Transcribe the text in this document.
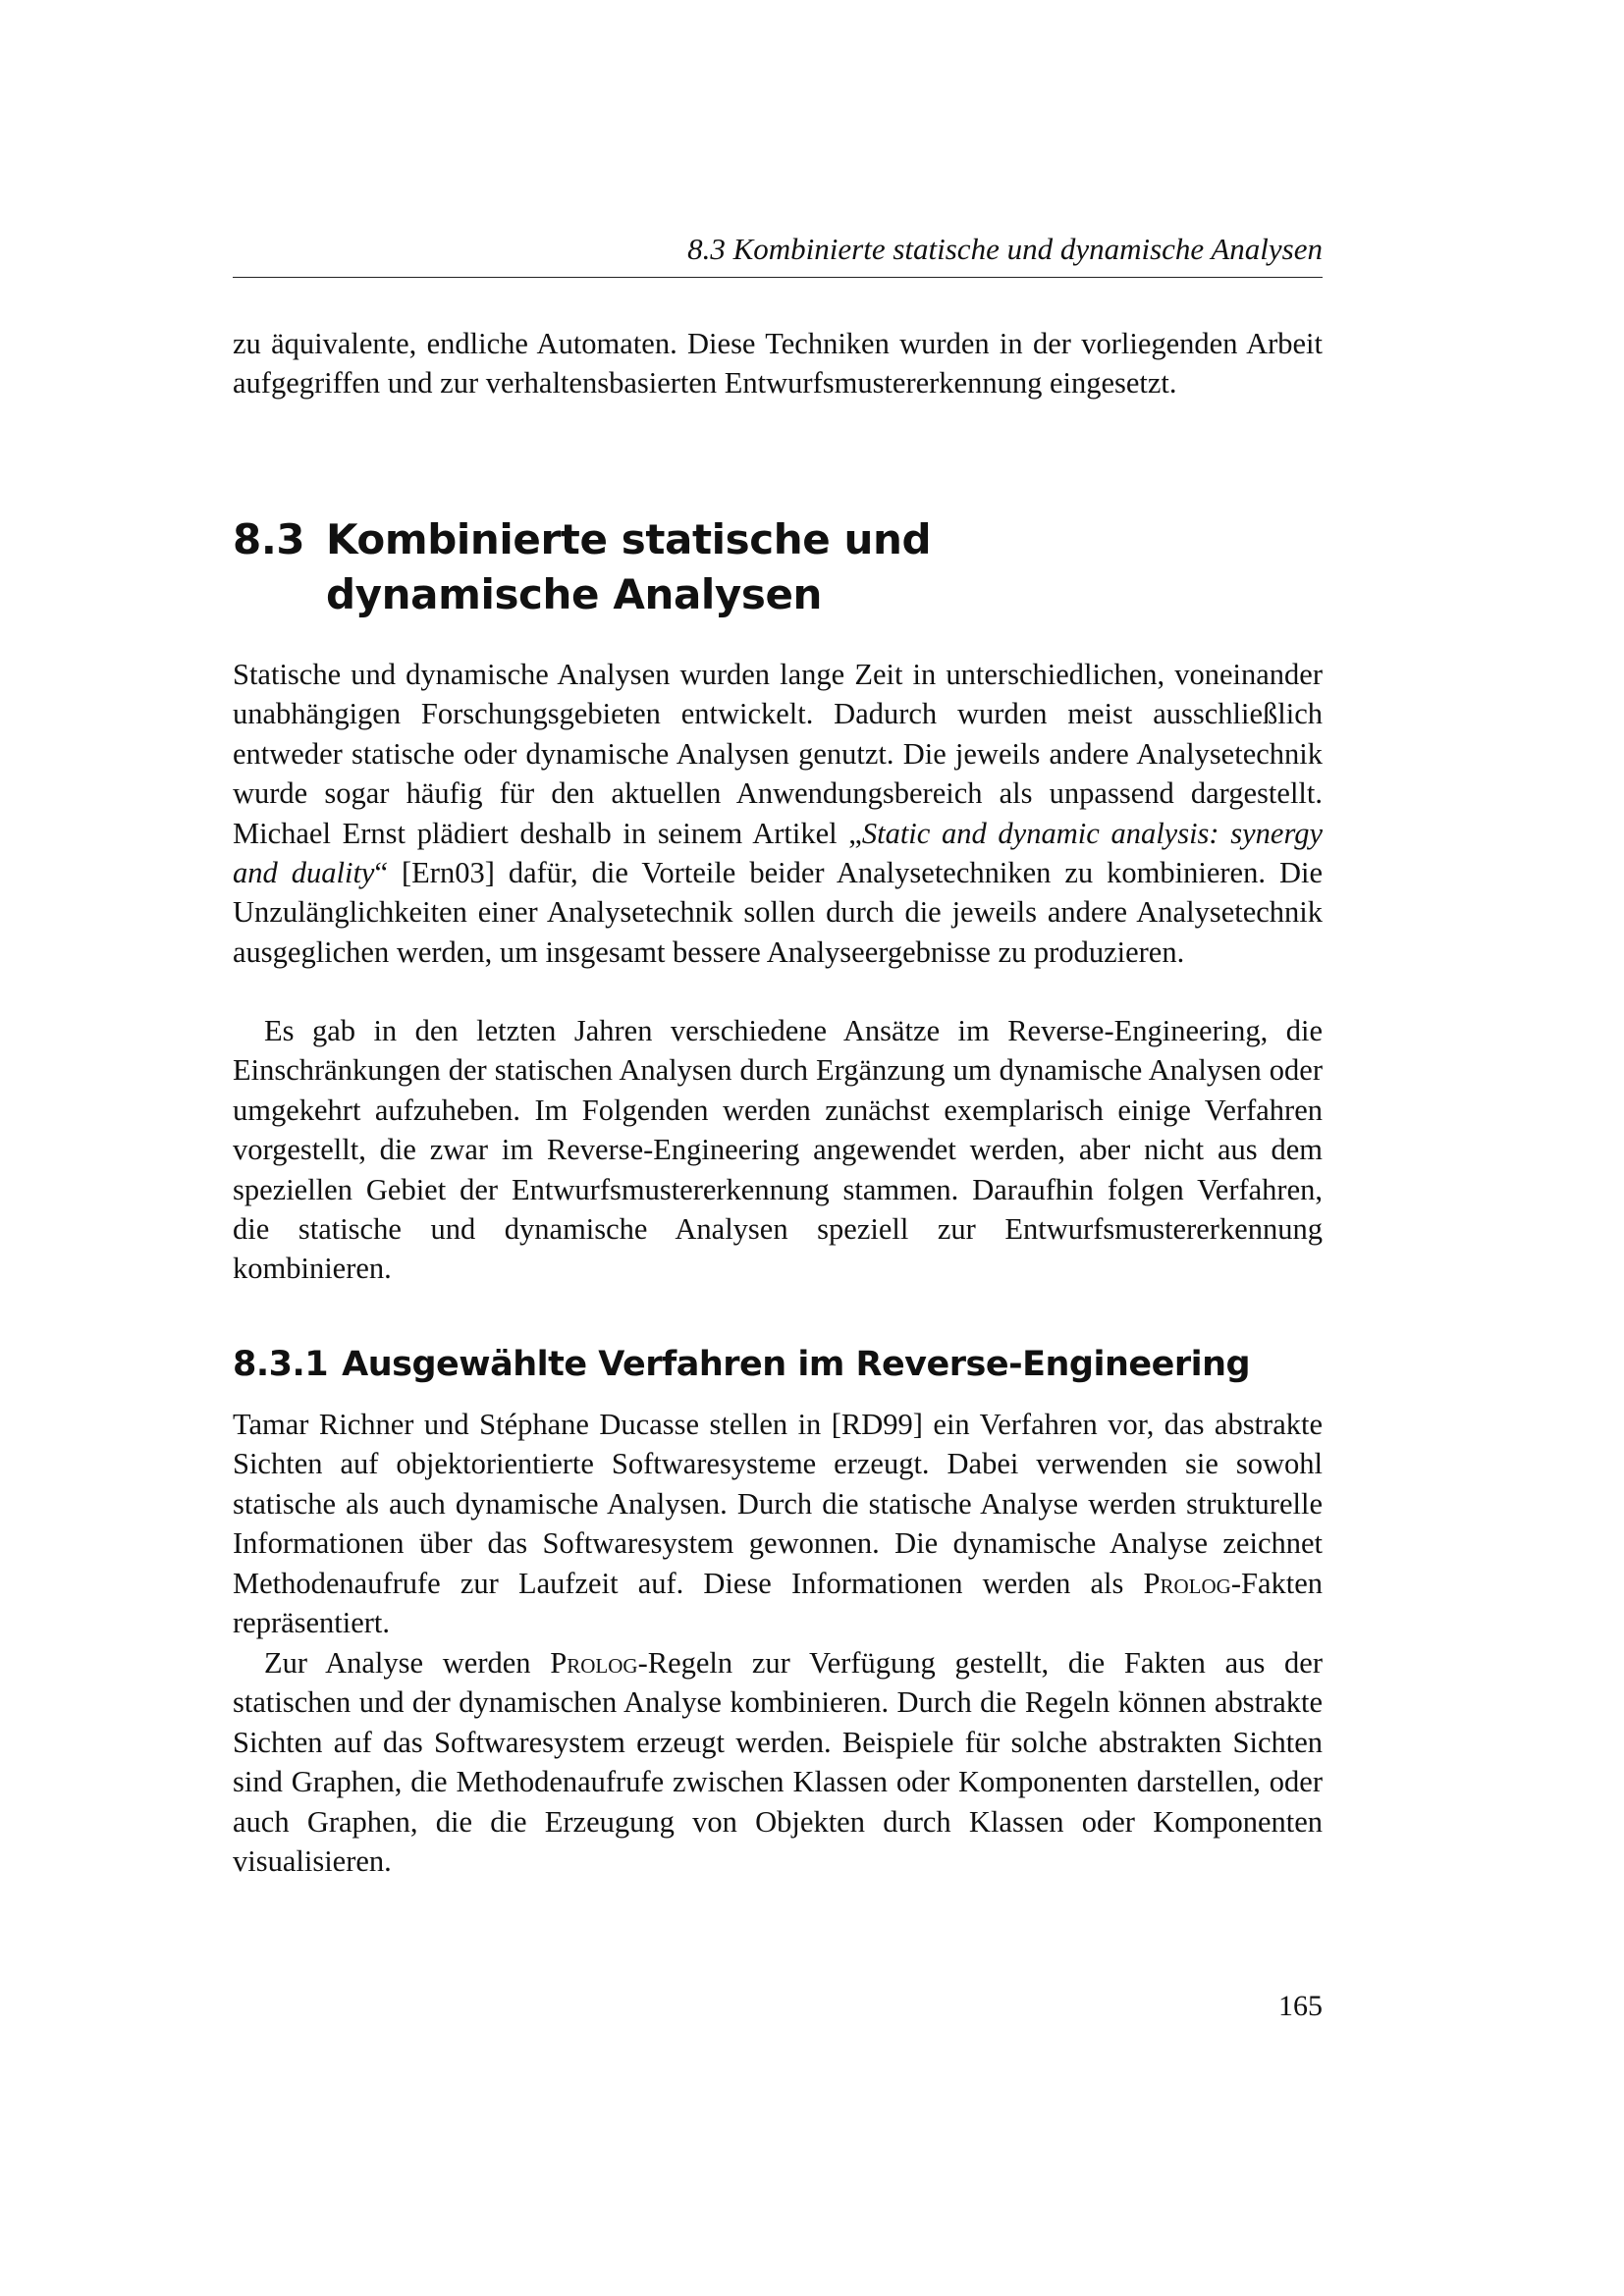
8.3 Kombinierte statische und dynamische Analysen

zu äquivalente, endliche Automaten. Diese Techniken wurden in der vorliegenden Arbeit aufgegriffen und zur verhaltensbasierten Entwurfsmustererkennung eingesetzt.

8.3 Kombinierte statische und dynamische Analysen

Statische und dynamische Analysen wurden lange Zeit in unterschiedlichen, voneinander unabhängigen Forschungsgebieten entwickelt. Dadurch wurden meist ausschließlich entweder statische oder dynamische Analysen genutzt. Die jeweils andere Analysetechnik wurde sogar häufig für den aktuellen Anwendungsbereich als unpassend dargestellt. Michael Ernst plädiert deshalb in seinem Artikel „Static and dynamic analysis: synergy and duality“ [Ern03] dafür, die Vorteile beider Analysetechniken zu kombinieren. Die Unzulänglichkeiten einer Analysetechnik sollen durch die jeweils andere Analysetechnik ausgeglichen werden, um insgesamt bessere Analyseergebnisse zu produzieren.

Es gab in den letzten Jahren verschiedene Ansätze im Reverse-Engineering, die Einschränkungen der statischen Analysen durch Ergänzung um dynamische Analysen oder umgekehrt aufzuheben. Im Folgenden werden zunächst exemplarisch einige Verfahren vorgestellt, die zwar im Reverse-Engineering angewendet werden, aber nicht aus dem speziellen Gebiet der Entwurfsmustererkennung stammen. Daraufhin folgen Verfahren, die statische und dynamische Analysen speziell zur Entwurfsmustererkennung kombinieren.

8.3.1 Ausgewählte Verfahren im Reverse-Engineering

Tamar Richner und Stéphane Ducasse stellen in [RD99] ein Verfahren vor, das abstrakte Sichten auf objektorientierte Softwaresysteme erzeugt. Dabei verwenden sie sowohl statische als auch dynamische Analysen. Durch die statische Analyse werden strukturelle Informationen über das Softwaresystem gewonnen. Die dynamische Analyse zeichnet Methodenaufrufe zur Laufzeit auf. Diese Informationen werden als Prolog-Fakten repräsentiert.

Zur Analyse werden Prolog-Regeln zur Verfügung gestellt, die Fakten aus der statischen und der dynamischen Analyse kombinieren. Durch die Regeln können abstrakte Sichten auf das Softwaresystem erzeugt werden. Beispiele für solche abstrakten Sichten sind Graphen, die Methodenaufrufe zwischen Klassen oder Komponenten darstellen, oder auch Graphen, die die Erzeugung von Objekten durch Klassen oder Komponenten visualisieren.

165
